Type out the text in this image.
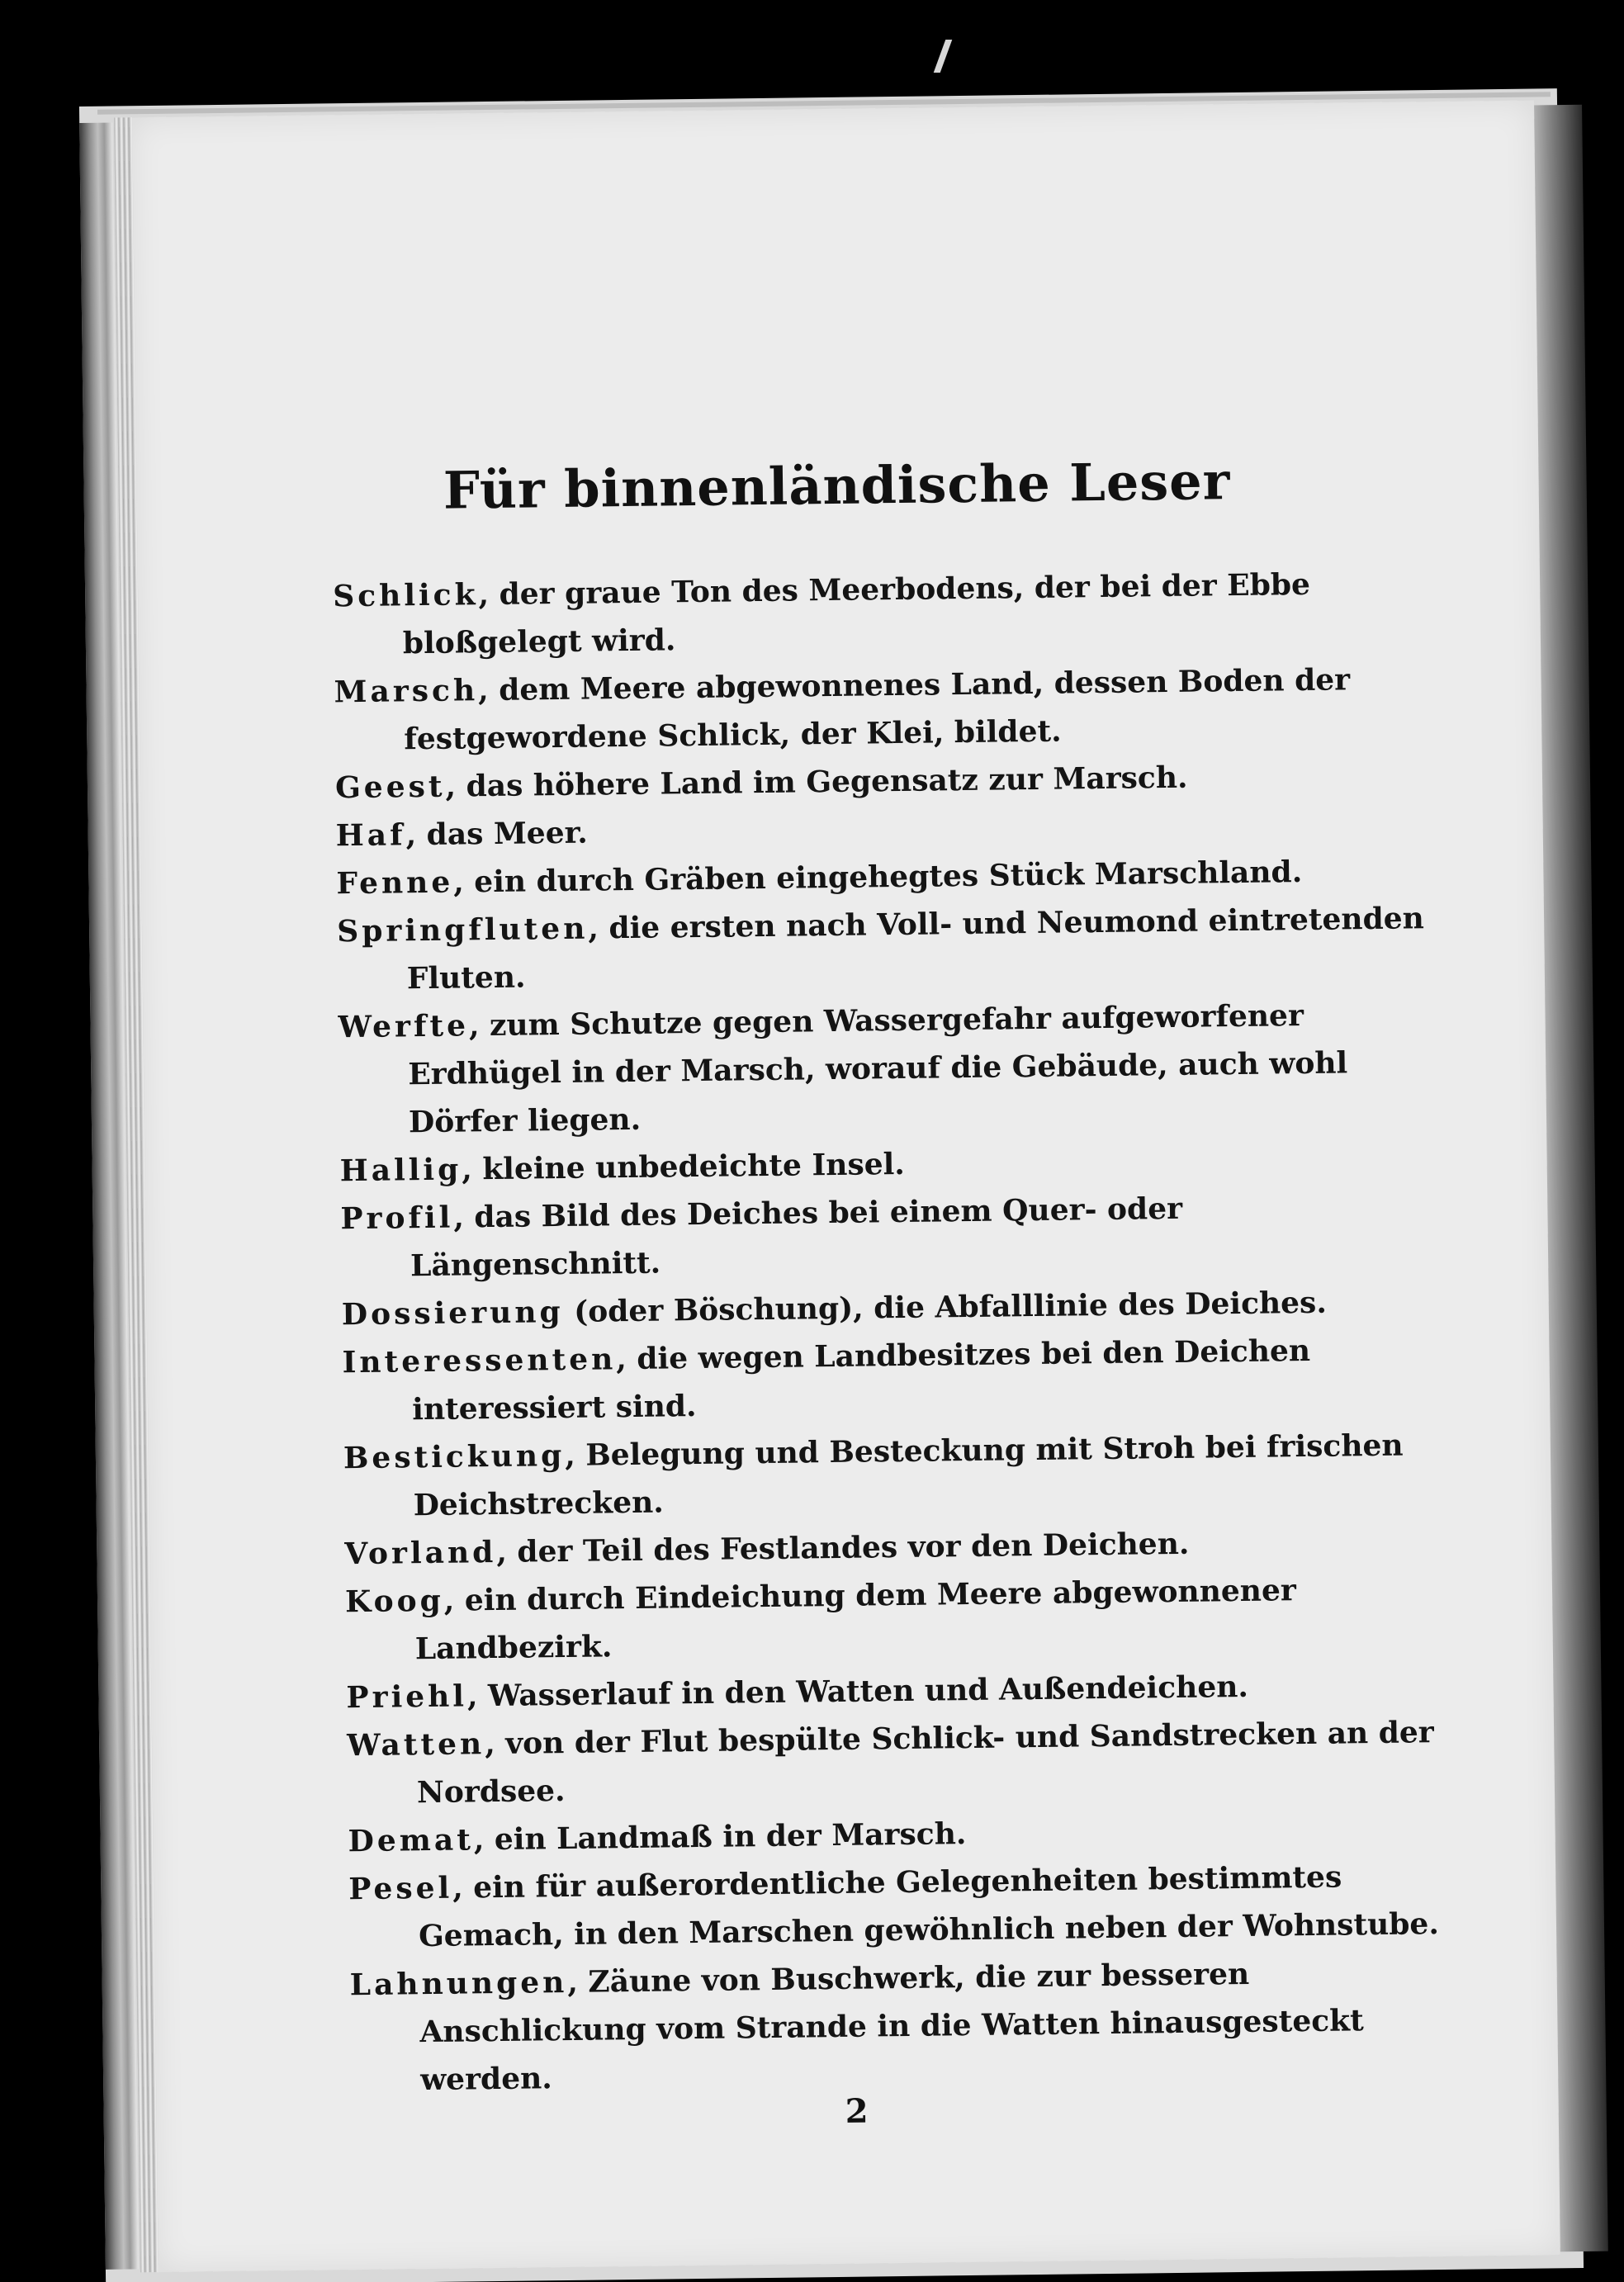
Für binnenländische Leser
Schlick, der graue Ton des Meerbodens, der bei der Ebbe bloßgelegt wird.
Marsch, dem Meere abgewonnenes Land, dessen Boden der festgewordene Schlick, der Klei, bildet.
Geest, das höhere Land im Gegensatz zur Marsch.
Haf, das Meer.
Fenne, ein durch Gräben eingehegtes Stück Marschland.
Springfluten, die ersten nach Voll- und Neumond eintretenden Fluten.
Werfte, zum Schutze gegen Wassergefahr aufgeworfener Erdhügel in der Marsch, worauf die Gebäude, auch wohl Dörfer liegen.
Hallig, kleine unbedeichte Insel.
Profil, das Bild des Deiches bei einem Quer- oder Längenschnitt.
Dossierung (oder Böschung), die Abfalllinie des Deiches.
Interessenten, die wegen Landbesitzes bei den Deichen interessiert sind.
Bestickung, Belegung und Besteckung mit Stroh bei frischen Deichstrecken.
Vorland, der Teil des Festlandes vor den Deichen.
Koog, ein durch Eindeichung dem Meere abgewonnener Landbezirk.
Priehl, Wasserlauf in den Watten und Außendeichen.
Watten, von der Flut bespülte Schlick- und Sandstrecken an der Nordsee.
Demat, ein Landmaß in der Marsch.
Pesel, ein für außerordentliche Gelegenheiten bestimmtes Gemach, in den Marschen gewöhnlich neben der Wohnstube.
Lahnungen, Zäune von Buschwerk, die zur besseren Anschlickung vom Strande in die Watten hinausgesteckt werden.
2
